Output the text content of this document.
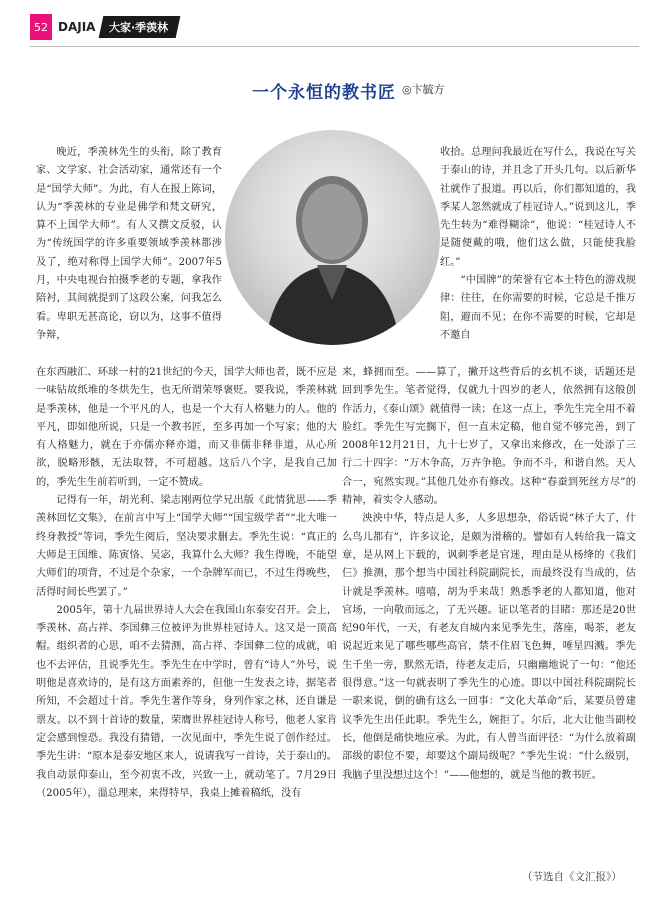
52 DAJIA	大家·季羡林
一个永恒的教书匠 ◎卞毓方

晚近，季羡林先生的头衔，除了教育家、文学家、社会活动家，通常还有一个是“国学大师”。为此，有人在报上陈词，认为“季羡林的专业是佛学和梵文研究，算不上国学大师”。有人又撰文反驳，认为“传统国学的许多重要领域季羡林都涉及了，绝对称得上国学大师”。2007年5月，中央电视台拍摄季老的专题，拿我作陪衬，其间就提到了这段公案，问我怎么看。卑职无甚高论，窃以为，这事不值得争辩，

在东西融汇、环球一村的21世纪的今天，国学大师也者，既不应是一味钻故纸堆的冬烘先生，也无所谓荣辱褒贬。要我说，季羡林就是季羡林，他是一个平凡的人，也是一个大有人格魅力的人。他的平凡，即如他所说，只是一个教书匠，至多再加一个写家；他的大有人格魅力，就在于亦儒亦释亦道，而又非儒非释非道，从心所欲，脱略形骸，无法取替，不可超越。这后八个字，是我自己加的，季先生生前若听到，一定不赞成。

记得有一年，胡光利、梁志刚两位学兄出版《此情犹思——季羡林回忆文集》，在前言中写上“国学大师”“国宝级学者”“北大唯一终身教授”等词，季先生阅后，坚决要求删去。季先生说：“真正的大师是王国维、陈寅恪、吴宓，我算什么大师？我生得晚，不能望大师们的项背，不过是个杂家，一个杂牌军而已，不过生得晚些，活得时间长些罢了。”

2005年，第十九届世界诗人大会在我国山东泰安召开。会上，季羡林、高占祥、李国彝三位被评为世界桂冠诗人。这又是一顶高帽。组织者的心思，咱不去猜测，高占祥、李国彝二位的成就，咱也不去评估，且说季先生。季先生在中学时，曾有“诗人”外号，说明他是喜欢诗的，是有这方面素养的，但他一生发表之诗，据笔者所知，不会超过十首。季先生著作等身，身列作家之林，还自谦是票友。以不到十首诗的数量，荣膺世界桂冠诗人称号，他老人家肯定会感到惶恐。我没有猜错，一次见面中，季先生说了创作经过。季先生讲：“原本是泰安地区来人，说请我写一首诗，关于泰山的。我自动景仰泰山，至今初衷不改，兴致一上，就动笔了。7月29日（2005年），溫总理来，来得特早，我桌上摊着稿纸，没有

收拾。总理问我最近在写什么，我说在写关于泰山的诗，并且念了开头几句。以后新华社就作了报道。再以后，你们都知道的，我季某人忽然就成了桂冠诗人。”说到这儿，季先生转为“难得糊涂”，他说：“桂冠诗人不是随便戴的哦，他们这么做，只能使我脸红。”

“中国牌”的荣誉有它本土特色的游戏规律：往往，在你需要的时候，它总是千推万阻，避而不见；在你不需要的时候，它却是不邀自

来，蜂拥而至。——算了，撇开这些背后的玄机不谈，话题还是回到季先生。笔者觉得，仅就九十四岁的老人，依然拥有这般创作活力，《泰山颂》就值得一读；在这一点上，季先生完全用不着脸红。季先生写完搁下，但一直未定稿，他自觉不够完善，到了2008年12月21日，九十七岁了，又拿出来修改，在一处添了三行二十四字：“万木争高，万卉争艳。争而不斗，和谐自然。天人合一，宛然实现。”其他几处亦有修改。这种“春蚕到死丝方尽”的精神，着实令人感动。

泱泱中华，特点是人多，人多思想杂，俗话说“林子大了，什么鸟儿都有”，许多议论，是颇为滑稽的。譬如有人转给我一篇文章，是从网上下载的，讽刺季老是官迷，理由是从杨绛的《我们仨》推测，那个想当中国社科院副院长，而最终没有当成的，估计就是季羡林。嘻嘻，胡为乎来哉！熟悉季老的人都知道，他对官场，一向敬而远之，了无兴趣。证以笔者的目睹：那还是20世纪90年代，一天，有老友自城内来见季先生，落座，喝茶，老友说起近来见了哪些哪些高官，禁不住眉飞色舞，唾星四溅。季先生千坐一旁，默然无语，待老友走后，只幽幽地说了一句：“他还很得意。”这一句就表明了季先生的心迹。即以中国社科院副院长一职来说，倒的确有这么一回事：“文化大革命”后，某要员曾建议季先生出任此职。季先生么，婉拒了。尔后，北大让他当副校长，他倒是痛快地应承。为此，有人曾当面评径：“为什么放着副部级的职位不要，却要这个副局级呢？”季先生说：“什么级别，我脑子里没想过这个！”——他想的，就是当他的教书匠。

（节选自《文汇报》）
